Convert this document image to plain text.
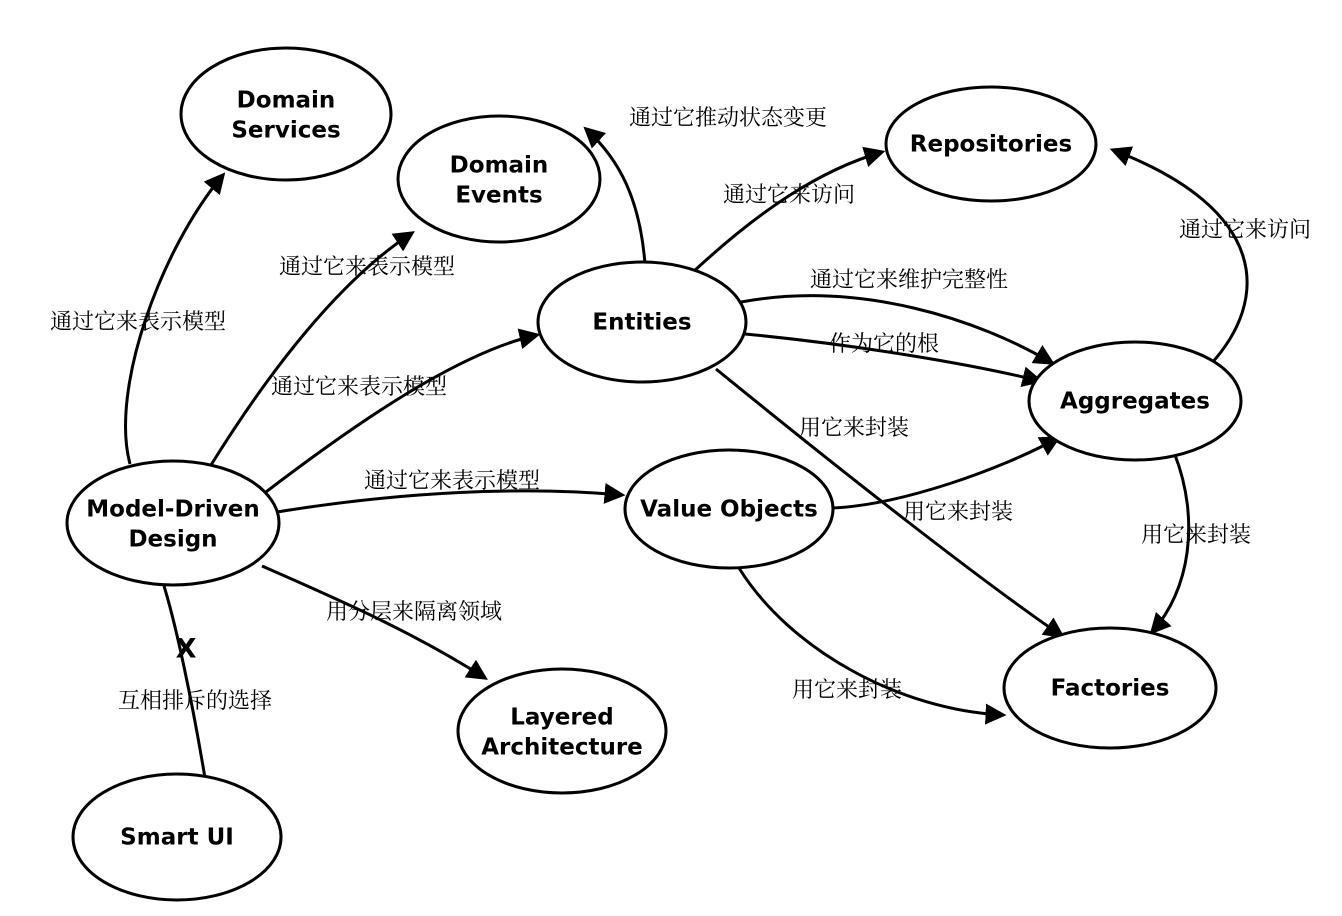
通过它来表示模型
通过它来表示模型
通过它来表示模型
通过它来表示模型
用分层来隔离领域
互相排斥的选择
通过它推动状态变更
通过它来访问
通过它来维护完整性
作为它的根
用它来封装
用它来封装
用它来封装
通过它来访问
用它来封装
X
Domain
Services
Domain
Events
Repositories
Entities
Aggregates
Model-Driven
Design
Value Objects
Factories
Layered
Architecture
Smart UI
